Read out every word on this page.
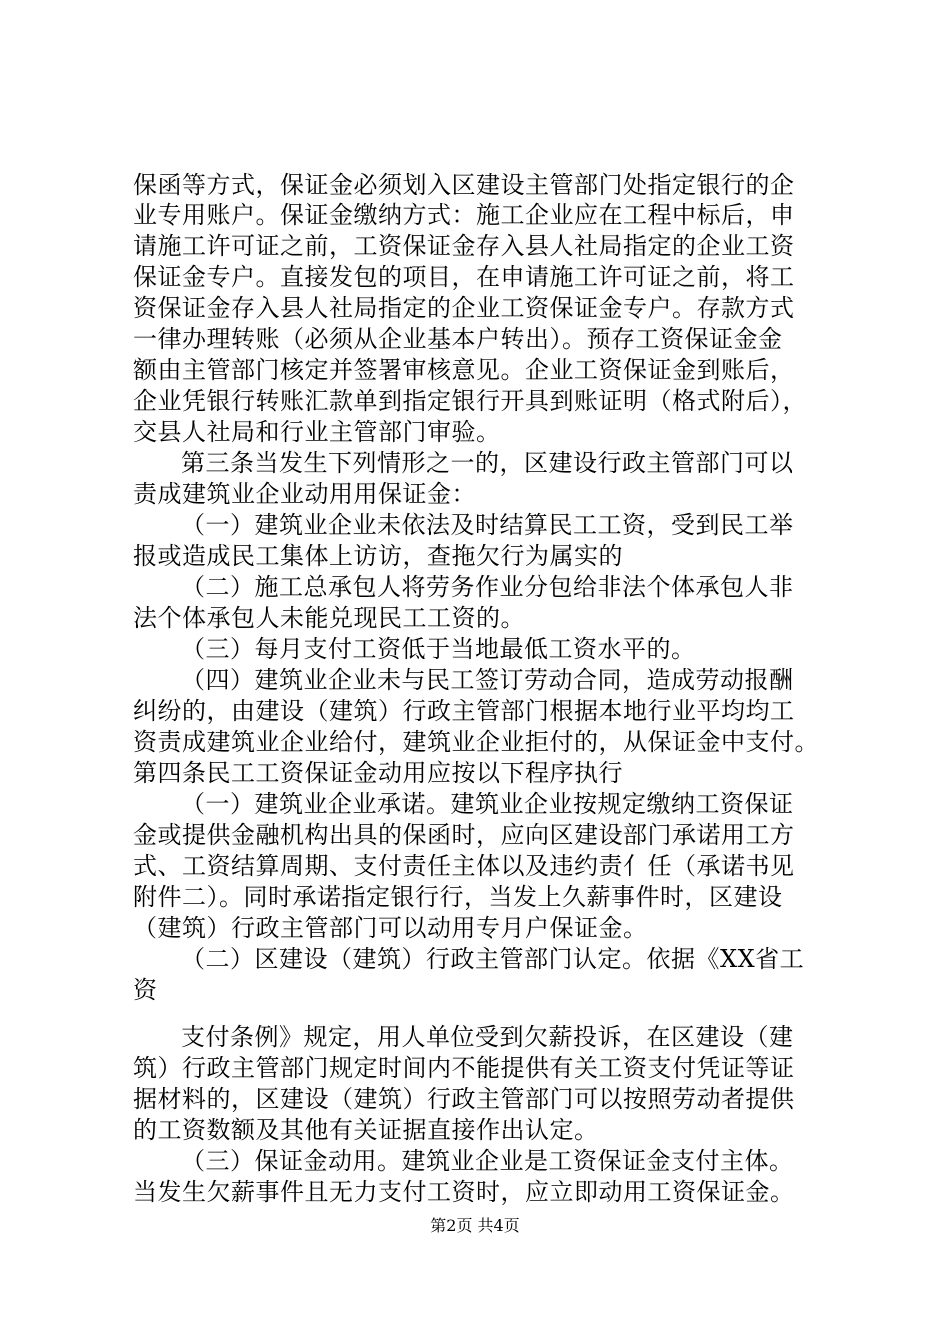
保函等方式，保证金必须划入区建设主管部门处指定银行的企
业专用账户。保证金缴纳方式：施工企业应在工程中标后，申
请施工许可证之前，工资保证金存入县人社局指定的企业工资
保证金专户。直接发包的项目，在申请施工许可证之前，将工
资保证金存入县人社局指定的企业工资保证金专户。存款方式
一律办理转账（必须从企业基本户转出）。预存工资保证金金
额由主管部门核定并签署审核意见。企业工资保证金到账后，
企业凭银行转账汇款单到指定银行开具到账证明（格式附后），
交县人社局和行业主管部门审验。
第三条当发生下列情形之一的，区建设行政主管部门可以
责成建筑业企业动用用保证金：
（一）建筑业企业未依法及时结算民工工资，受到民工举
报或造成民工集体上访访，查拖欠行为属实的
（二）施工总承包人将劳务作业分包给非法个体承包人非
法个体承包人未能兑现民工工资的。
（三）每月支付工资低于当地最低工资水平的。
（四）建筑业企业未与民工签订劳动合同，造成劳动报酬
纠纷的，由建设（建筑）行政主管部门根据本地行业平均均工
资责成建筑业企业给付，建筑业企业拒付的，从保证金中支付。
第四条民工工资保证金动用应按以下程序执行
（一）建筑业企业承诺。建筑业企业按规定缴纳工资保证
金或提供金融机构出具的保函时，应向区建设部门承诺用工方
式、工资结算周期、支付责任主体以及违约责亻任（承诺书见
附件二）。同时承诺指定银行行，当发上久薪事件时，区建设
（建筑）行政主管部门可以动用专月户保证金。
（二）区建设（建筑）行政主管部门认定。依据《XX省工
资
支付条例》规定，用人单位受到欠薪投诉，在区建设（建
筑）行政主管部门规定时间内不能提供有关工资支付凭证等证
据材料的，区建设（建筑）行政主管部门可以按照劳动者提供
的工资数额及其他有关证据直接作出认定。
（三）保证金动用。建筑业企业是工资保证金支付主体。
当发生欠薪事件且无力支付工资时，应立即动用工资保证金。
第2页 共4页
